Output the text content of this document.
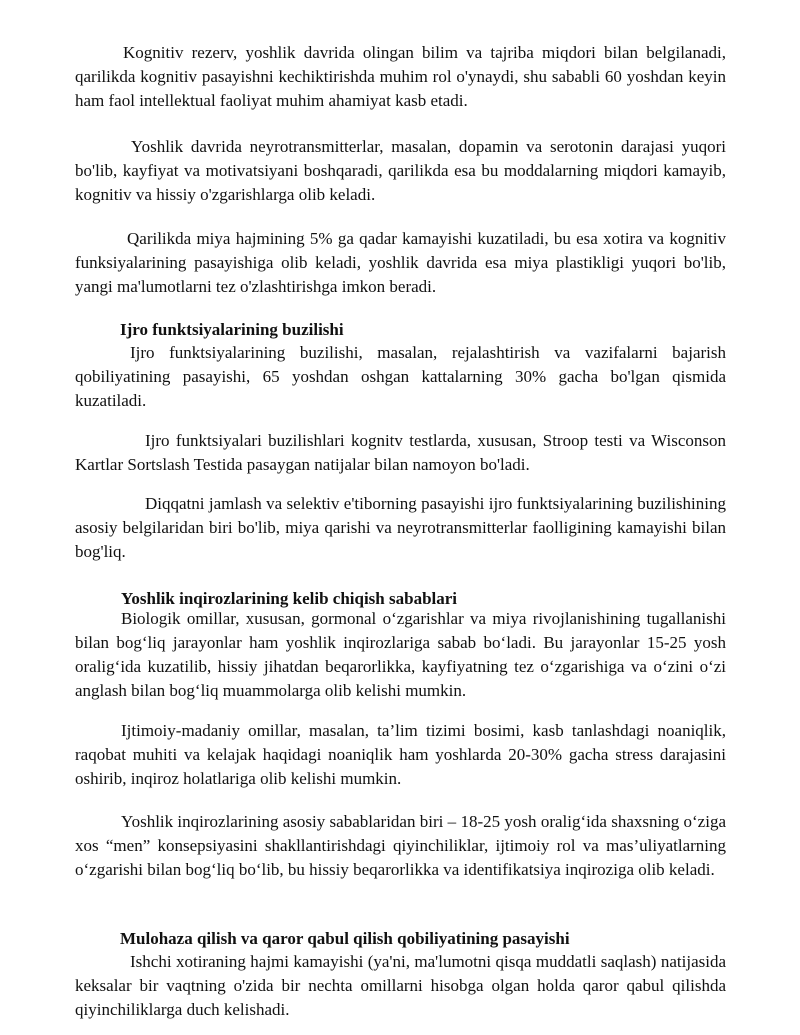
Kognitiv rezerv, yoshlik davrida olingan bilim va tajriba miqdori bilan belgilanadi, qarilikda kognitiv pasayishni kechiktirishda muhim rol o'ynaydi, shu sababli 60 yoshdan keyin ham faol intellektual faoliyat muhim ahamiyat kasb etadi.

Yoshlik davrida neyrotransmitterlar, masalan, dopamin va serotonin darajasi yuqori bo'lib, kayfiyat va motivatsiyani boshqaradi, qarilikda esa bu moddalarning miqdori kamayib, kognitiv va hissiy o'zgarishlarga olib keladi.

Qarilikda miya hajmining 5% ga qadar kamayishi kuzatiladi, bu esa xotira va kognitiv funksiyalarining pasayishiga olib keladi, yoshlik davrida esa miya plastikligi yuqori bo'lib, yangi ma'lumotlarni tez o'zlashtirishga imkon beradi.

Ijro funktsiyalarining buzilishi

Ijro funktsiyalarining buzilishi, masalan, rejalashtirish va vazifalarni bajarish qobiliyatining pasayishi, 65 yoshdan oshgan kattalarning 30% gacha bo'lgan qismida kuzatiladi.

Ijro funktsiyalari buzilishlari kognitv testlarda, xususan, Stroop testi va Wisconson Kartlar Sortslash Testida pasaygan natijalar bilan namoyon bo'ladi.

Diqqatni jamlash va selektiv e'tiborning pasayishi ijro funktsiyalarining buzilishining asosiy belgilaridan biri bo'lib, miya qarishi va neyrotransmitterlar faolligining kamayishi bilan bog'liq.

Yoshlik inqirozlarining kelib chiqish sabablari

Biologik omillar, xususan, gormonal o‘zgarishlar va miya rivojlanishining tugallanishi bilan bog‘liq jarayonlar ham yoshlik inqirozlariga sabab bo‘ladi. Bu jarayonlar 15-25 yosh oralig‘ida kuzatilib, hissiy jihatdan beqarorlikka, kayfiyatning tez o‘zgarishiga va o‘zini o‘zi anglash bilan bog‘liq muammolarga olib kelishi mumkin.

Ijtimoiy-madaniy omillar, masalan, ta’lim tizimi bosimi, kasb tanlashdagi noaniqlik, raqobat muhiti va kelajak haqidagi noaniqlik ham yoshlarda 20-30% gacha stress darajasini oshirib, inqiroz holatlariga olib kelishi mumkin.

Yoshlik inqirozlarining asosiy sabablaridan biri – 18-25 yosh oralig‘ida shaxsning o‘ziga xos “men” konsepsiyasini shakllantirishdagi qiyinchiliklar, ijtimoiy rol va mas’uliyatlarning o‘zgarishi bilan bog‘liq bo‘lib, bu hissiy beqarorlikka va identifikatsiya inqiroziga olib keladi.

Mulohaza qilish va qaror qabul qilish qobiliyatining pasayishi

Ishchi xotiraning hajmi kamayishi (ya'ni, ma'lumotni qisqa muddatli saqlash) natijasida keksalar bir vaqtning o'zida bir nechta omillarni hisobga olgan holda qaror qabul qilishda qiyinchiliklarga duch kelishadi.
